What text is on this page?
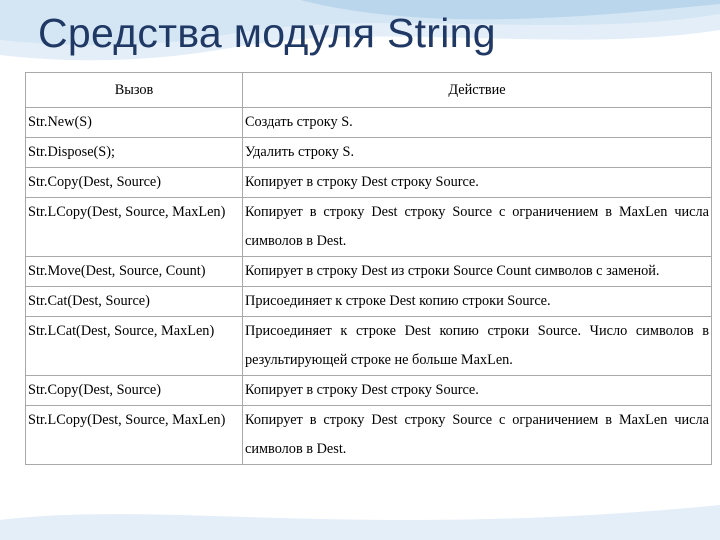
Средства модуля String
Вызов	Действие
Str.New(S)	Создать строку S.
Str.Dispose(S);	Удалить строку S.
Str.Copy(Dest, Source)	Копирует в строку Dest строку Source.
Str.LCopy(Dest, Source, MaxLen)	Копирует в строку Dest строку Source с ограничением в MaxLen числа символов в Dest.
Str.Move(Dest, Source, Count)	Копирует в строку Dest из строки Source Count символов с заменой.
Str.Cat(Dest, Source)	Присоединяет к строке Dest копию строки Source.
Str.LCat(Dest, Source, MaxLen)	Присоединяет к строке Dest копию строки Source. Число символов в результирующей строке не больше MaxLen.
Str.Copy(Dest, Source)	Копирует в строку Dest строку Source.
Str.LCopy(Dest, Source, MaxLen)	Копирует в строку Dest строку Source с ограничением в MaxLen числа символов в Dest.
